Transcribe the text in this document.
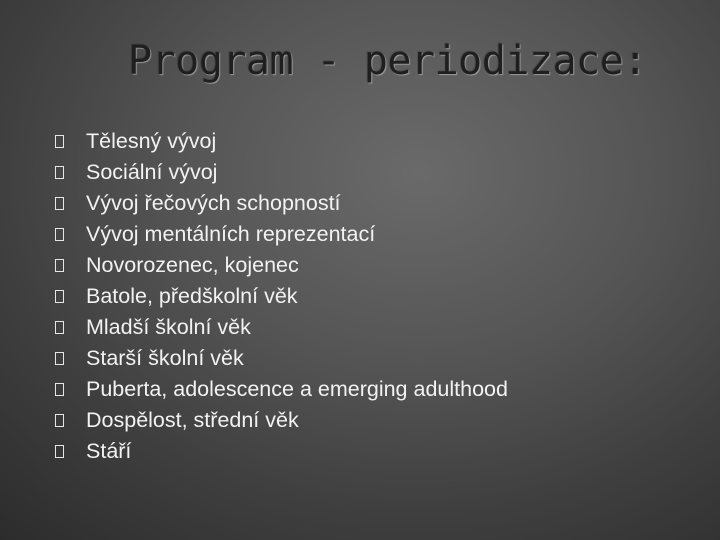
Program - periodizace:
Tělesný vývoj
Sociální vývoj
Vývoj řečových schopností
Vývoj mentálních reprezentací
Novorozenec, kojenec
Batole, předškolní věk
Mladší školní věk
Starší školní věk
Puberta, adolescence a emerging adulthood
Dospělost, střední věk
Stáří
